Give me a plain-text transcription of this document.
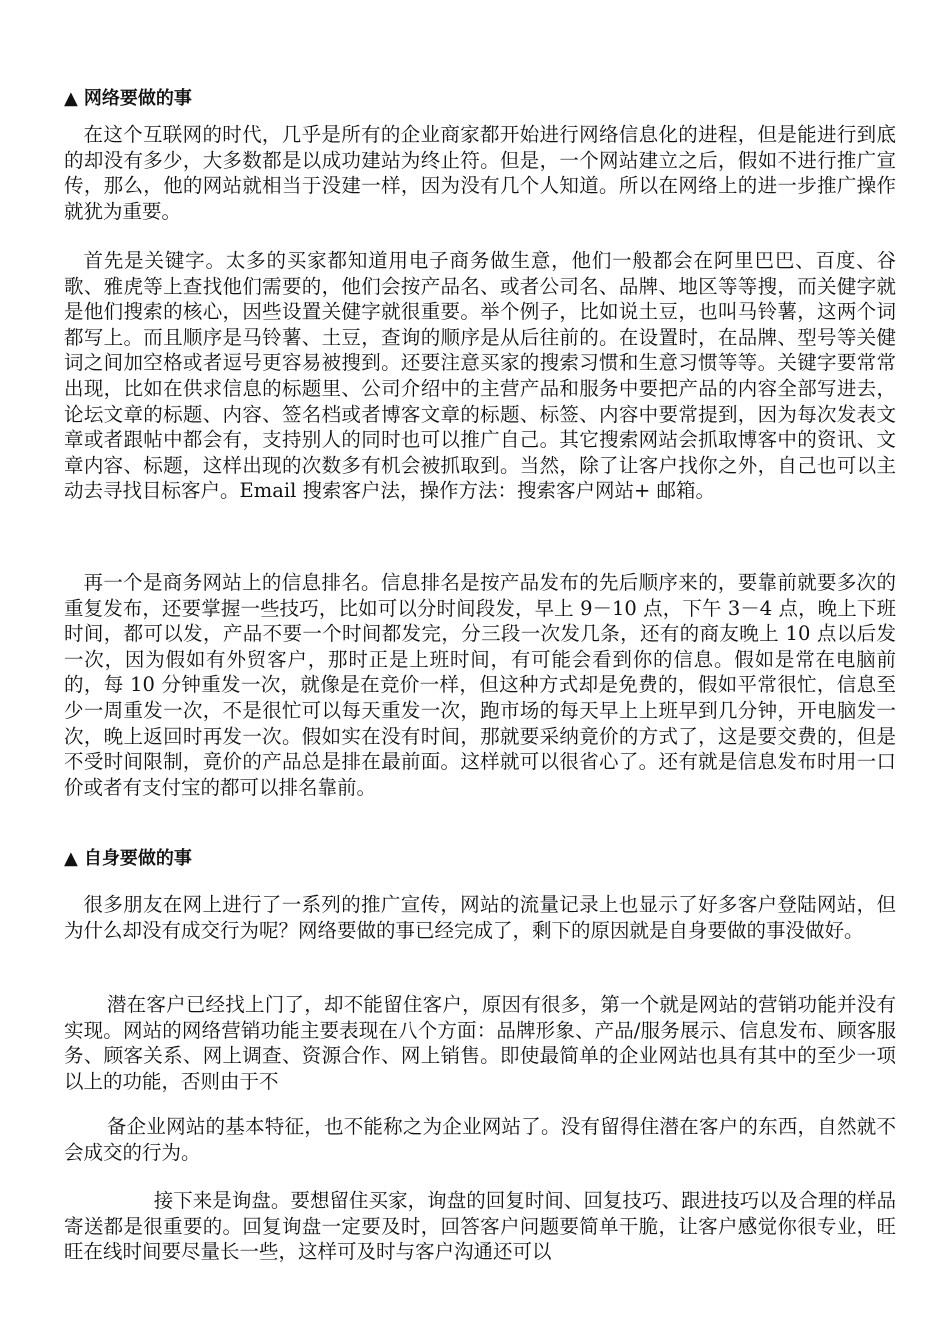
▲ 网络要做的事

在这个互联网的时代，几乎是所有的企业商家都开始进行网络信息化的进程，但是能进行到底的却没有多少，大多数都是以成功建站为终止符。但是，一个网站建立之后，假如不进行推广宣传，那么，他的网站就相当于没建一样，因为没有几个人知道。所以在网络上的进一步推广操作就犹为重要。

首先是关键字。太多的买家都知道用电子商务做生意，他们一般都会在阿里巴巴、百度、谷歌、雅虎等上查找他们需要的，他们会按产品名、或者公司名、品牌、地区等等搜，而关健字就是他们搜索的核心，因些设置关健字就很重要。举个例子，比如说土豆，也叫马铃薯，这两个词都写上。而且顺序是马铃薯、土豆，查询的顺序是从后往前的。在设置时，在品牌、型号等关健词之间加空格或者逗号更容易被搜到。还要注意买家的搜索习惯和生意习惯等等。关键字要常常出现，比如在供求信息的标题里、公司介绍中的主营产品和服务中要把产品的内容全部写进去，论坛文章的标题、内容、签名档或者博客文章的标题、标签、内容中要常提到，因为每次发表文章或者跟帖中都会有，支持别人的同时也可以推广自己。其它搜索网站会抓取博客中的资讯、文章内容、标题，这样出现的次数多有机会被抓取到。当然，除了让客户找你之外，自己也可以主动去寻找目标客户。Email 搜索客户法，操作方法：搜索客户网站+ 邮箱。

再一个是商务网站上的信息排名。信息排名是按产品发布的先后顺序来的，要靠前就要多次的重复发布，还要掌握一些技巧，比如可以分时间段发，早上 9－10 点，下午 3－4 点，晚上下班时间，都可以发，产品不要一个时间都发完，分三段一次发几条，还有的商友晚上 10 点以后发一次，因为假如有外贸客户，那时正是上班时间，有可能会看到你的信息。假如是常在电脑前的，每 10 分钟重发一次，就像是在竞价一样，但这种方式却是免费的，假如平常很忙，信息至少一周重发一次，不是很忙可以每天重发一次，跑市场的每天早上上班早到几分钟，开电脑发一次，晚上返回时再发一次。假如实在没有时间，那就要采纳竟价的方式了，这是要交费的，但是不受时间限制，竟价的产品总是排在最前面。这样就可以很省心了。还有就是信息发布时用一口价或者有支付宝的都可以排名靠前。

▲ 自身要做的事

很多朋友在网上进行了一系列的推广宣传，网站的流量记录上也显示了好多客户登陆网站，但为什么却没有成交行为呢？网络要做的事已经完成了，剩下的原因就是自身要做的事没做好。

潜在客户已经找上门了，却不能留住客户，原因有很多，第一个就是网站的营销功能并没有实现。网站的网络营销功能主要表现在八个方面：品牌形象、产品/服务展示、信息发布、顾客服务、顾客关系、网上调查、资源合作、网上销售。即使最简单的企业网站也具有其中的至少一项以上的功能，否则由于不

备企业网站的基本特征，也不能称之为企业网站了。没有留得住潜在客户的东西，自然就不会成交的行为。

接下来是询盘。要想留住买家，询盘的回复时间、回复技巧、跟进技巧以及合理的样品寄送都是很重要的。回复询盘一定要及时，回答客户问题要简单干脆，让客户感觉你很专业，旺旺在线时间要尽量长一些，这样可及时与客户沟通还可以
